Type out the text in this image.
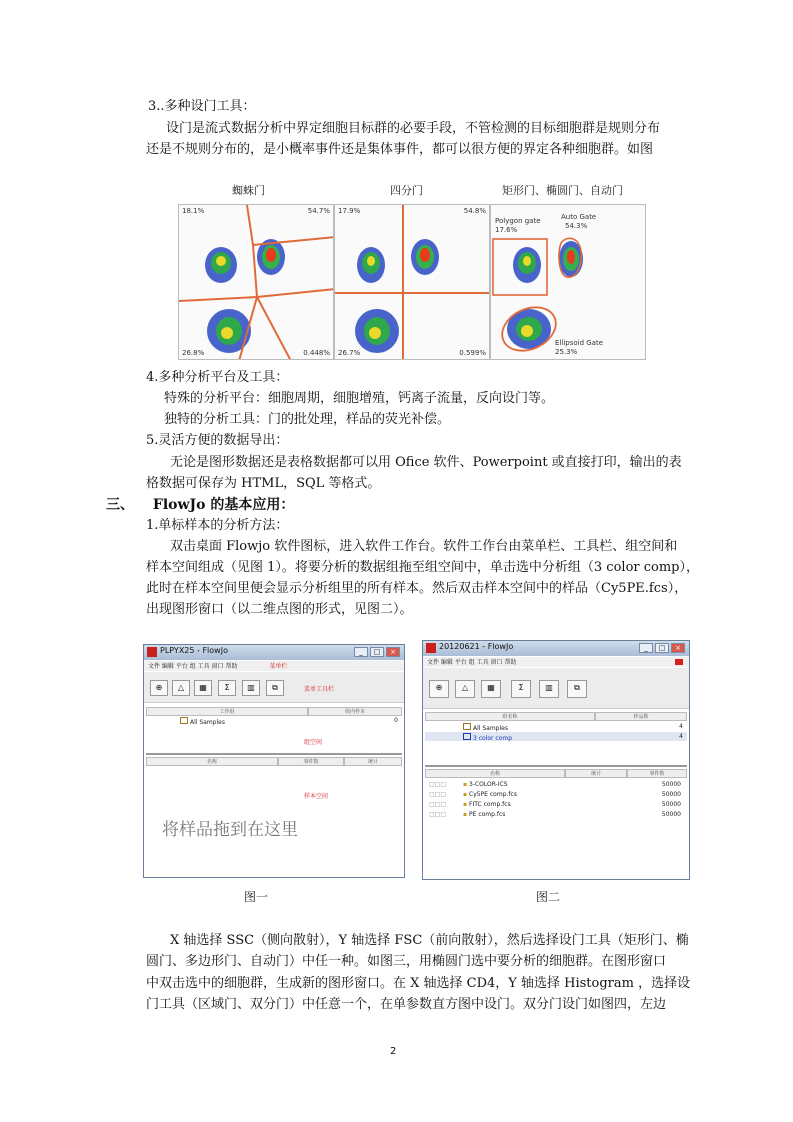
3..多种设门工具：
设门是流式数据分析中界定细胞目标群的必要手段，不管检测的目标细胞群是规则分布
还是不规则分布的，是小概率事件还是集体事件，都可以很方便的界定各种细胞群。如图
蜘蛛门	四分门	矩形门、椭圆门、自动门
18.1%	54.7%
26.8%	0.448%
17.9%	54.8%
26.7%	0.599%
Polygon gate
17.6%
Auto Gate
54.3%
Ellipsoid Gate
25.3%
4.多种分析平台及工具：
特殊的分析平台：细胞周期，细胞增殖，钙离子流量，反向设门等。
独特的分析工具：门的批处理，样品的荧光补偿。
5.灵活方便的数据导出：
无论是图形数据还是表格数据都可以用 Ofice 软件、Powerpoint 或直接打印，输出的表
格数据可保存为 HTML，SQL 等格式。
三、 FlowJo 的基本应用：
1.单标样本的分析方法：
双击桌面 Flowjo 软件图标，进入软件工作台。软件工作台由菜单栏、工具栏、组空间和
样本空间组成（见图 1）。将要分析的数据组拖至组空间中，单击选中分析组（3 color comp），
此时在样本空间里便会显示分析组里的所有样本。然后双击样本空间中的样品（Cy5PE.fcs），
出现图形窗口（以二维点图的形式，见图二）。
PLPYX25 - FlowJo	_	□	×
文件 编辑 平台 组 工具 窗口 帮助	菜单栏
⊕	△	▦	Σ	▥	⧉	菜单工具栏
工作组	组内样本
All Samples	0
组空间
名称	事件数	统计
样本空间
将样品拖到在这里
20120621 - FlowJo	_	□	×
文件 编辑 平台 组 工具 窗口 帮助
⊕	△	▦	Σ	▥	⧉
组名称	样品数
All Samples	4
3 color comp	4
名称	统计	事件数
□□□	▪ 3-COLOR-ICS	50000
□□□	▪ Cy5PE comp.fcs	50000
□□□	▪ FITC comp.fcs	50000
□□□	▪ PE comp.fcs	50000
图一	图二
X 轴选择 SSC（侧向散射），Y 轴选择 FSC（前向散射），然后选择设门工具（矩形门、椭
圆门、多边形门、自动门）中任一种。如图三，用椭圆门选中要分析的细胞群。在图形窗口
中双击选中的细胞群，生成新的图形窗口。在 X 轴选择 CD4，Y 轴选择 Histogram ，选择设
门工具（区域门、双分门）中任意一个，在单参数直方图中设门。双分门设门如图四，左边
2
